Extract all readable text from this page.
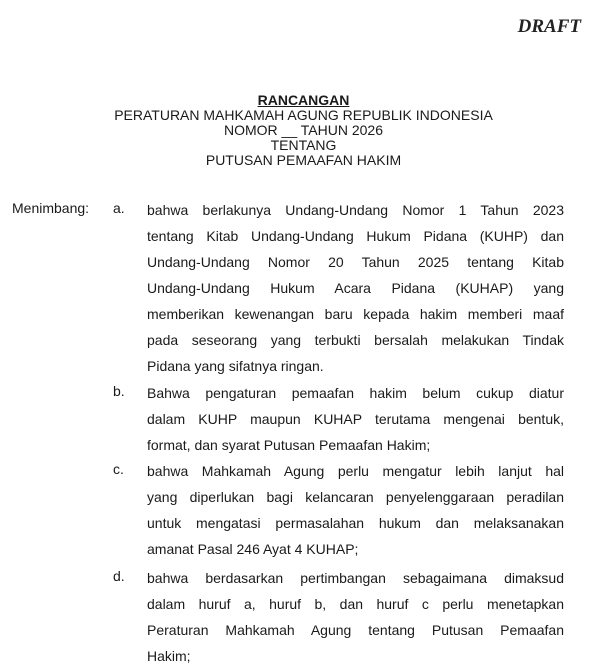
DRAFT
RANCANGAN
PERATURAN MAHKAMAH AGUNG REPUBLIK INDONESIA
NOMOR __ TAHUN 2026
TENTANG
PUTUSAN PEMAAFAN HAKIM
Menimbang: a. bahwa berlakunya Undang-Undang Nomor 1 Tahun 2023
tentang Kitab Undang-Undang Hukum Pidana (KUHP) dan
Undang-Undang Nomor 20 Tahun 2025 tentang Kitab
Undang-Undang Hukum Acara Pidana (KUHAP) yang
memberikan kewenangan baru kepada hakim memberi maaf
pada seseorang yang terbukti bersalah melakukan Tindak
Pidana yang sifatnya ringan.
b. Bahwa pengaturan pemaafan hakim belum cukup diatur
dalam KUHP maupun KUHAP terutama mengenai bentuk,
format, dan syarat Putusan Pemaafan Hakim;
c. bahwa Mahkamah Agung perlu mengatur lebih lanjut hal
yang diperlukan bagi kelancaran penyelenggaraan peradilan
untuk mengatasi permasalahan hukum dan melaksanakan
amanat Pasal 246 Ayat 4 KUHAP;
d. bahwa berdasarkan pertimbangan sebagaimana dimaksud
dalam huruf a, huruf b, dan huruf c perlu menetapkan
Peraturan Mahkamah Agung tentang Putusan Pemaafan
Hakim;
